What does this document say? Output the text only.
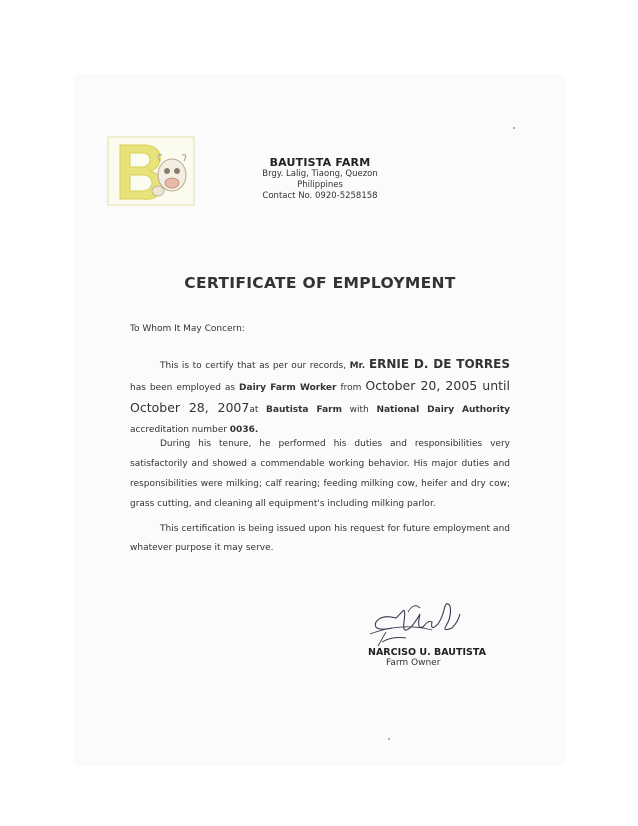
BAUTISTA FARM
Brgy. Lalig, Tiaong, Quezon
Philippines
Contact No. 0920-5258158
CERTIFICATE OF EMPLOYMENT
To Whom It May Concern:
This is to certify that as per our records, Mr. ERNIE D. DE TORRES has been employed as Dairy Farm Worker from October 20, 2005 until October 28, 2007at Bautista Farm with National Dairy Authority accreditation number 0036.
During his tenure, he performed his duties and responsibilities very satisfactorily and showed a commendable working behavior. His major duties and responsibilities were milking; calf rearing; feeding milking cow, heifer and dry cow; grass cutting, and cleaning all equipment's including milking parlor.
This certification is being issued upon his request for future employment and whatever purpose it may serve.
NARCISO U. BAUTISTA
Farm Owner
